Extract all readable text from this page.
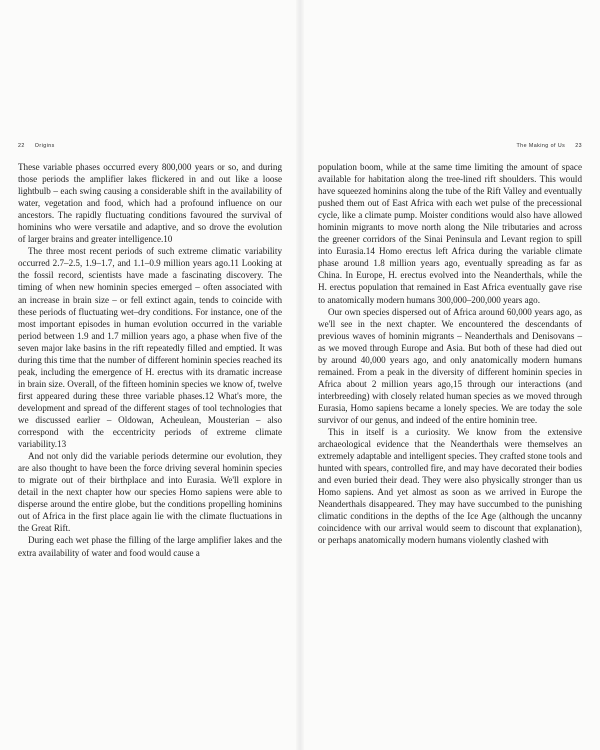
22 Origins

These variable phases occurred every 800,000 years or so, and during those periods the amplifier lakes flickered in and out like a loose lightbulb – each swing causing a considerable shift in the availability of water, vegetation and food, which had a profound influence on our ancestors. The rapidly fluctuating conditions favoured the survival of hominins who were versatile and adaptive, and so drove the evolution of larger brains and greater intelligence.10

The three most recent periods of such extreme climatic variability occurred 2.7–2.5, 1.9–1.7, and 1.1–0.9 million years ago.11 Looking at the fossil record, scientists have made a fascinating discovery. The timing of when new hominin species emerged – often associated with an increase in brain size – or fell extinct again, tends to coincide with these periods of fluctuating wet–dry conditions. For instance, one of the most important episodes in human evolution occurred in the variable period between 1.9 and 1.7 million years ago, a phase when five of the seven major lake basins in the rift repeatedly filled and emptied. It was during this time that the number of different hominin species reached its peak, including the emergence of H. erectus with its dramatic increase in brain size. Overall, of the fifteen hominin species we know of, twelve first appeared during these three variable phases.12 What's more, the development and spread of the different stages of tool technologies that we discussed earlier – Oldowan, Acheulean, Mousterian – also correspond with the eccentricity periods of extreme climate variability.13

And not only did the variable periods determine our evolution, they are also thought to have been the force driving several hominin species to migrate out of their birthplace and into Eurasia. We'll explore in detail in the next chapter how our species Homo sapiens were able to disperse around the entire globe, but the conditions propelling hominins out of Africa in the first place again lie with the climate fluctuations in the Great Rift.

During each wet phase the filling of the large amplifier lakes and the extra availability of water and food would cause a

The Making of Us 23

population boom, while at the same time limiting the amount of space available for habitation along the tree-lined rift shoulders. This would have squeezed hominins along the tube of the Rift Valley and eventually pushed them out of East Africa with each wet pulse of the precessional cycle, like a climate pump. Moister conditions would also have allowed hominin migrants to move north along the Nile tributaries and across the greener corridors of the Sinai Peninsula and Levant region to spill into Eurasia.14 Homo erectus left Africa during the variable climate phase around 1.8 million years ago, eventually spreading as far as China. In Europe, H. erectus evolved into the Neanderthals, while the H. erectus population that remained in East Africa eventually gave rise to anatomically modern humans 300,000–200,000 years ago.

Our own species dispersed out of Africa around 60,000 years ago, as we'll see in the next chapter. We encountered the descendants of previous waves of hominin migrants – Neanderthals and Denisovans – as we moved through Europe and Asia. But both of these had died out by around 40,000 years ago, and only anatomically modern humans remained. From a peak in the diversity of different hominin species in Africa about 2 million years ago,15 through our interactions (and interbreeding) with closely related human species as we moved through Eurasia, Homo sapiens became a lonely species. We are today the sole survivor of our genus, and indeed of the entire hominin tree.

This in itself is a curiosity. We know from the extensive archaeological evidence that the Neanderthals were themselves an extremely adaptable and intelligent species. They crafted stone tools and hunted with spears, controlled fire, and may have decorated their bodies and even buried their dead. They were also physically stronger than us Homo sapiens. And yet almost as soon as we arrived in Europe the Neanderthals disappeared. They may have succumbed to the punishing climatic conditions in the depths of the Ice Age (although the uncanny coincidence with our arrival would seem to discount that explanation), or perhaps anatomically modern humans violently clashed with
